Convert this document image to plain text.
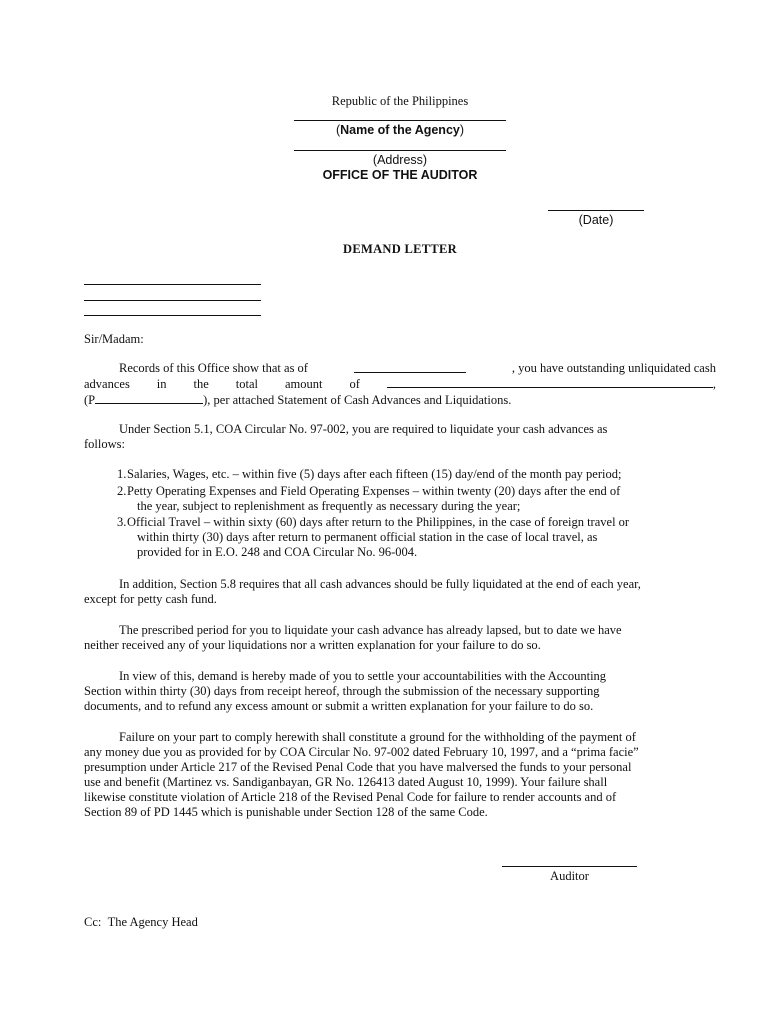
Republic of the Philippines
(Name of the Agency)
(Address)
OFFICE OF THE AUDITOR
(Date)
DEMAND LETTER
Sir/Madam:
Records of this Office show that as of	, you have outstanding unliquidated cash
advances in the total amount of	,
(P	), per attached Statement of Cash Advances and Liquidations.
Under Section 5.1, COA Circular No. 97-002, you are required to liquidate your cash advances as
follows:
1. Salaries, Wages, etc. – within five (5) days after each fifteen (15) day/end of the month pay period;
2. Petty Operating Expenses and Field Operating Expenses – within twenty (20) days after the end of
the year, subject to replenishment as frequently as necessary during the year;
3. Official Travel – within sixty (60) days after return to the Philippines, in the case of foreign travel or
within thirty (30) days after return to permanent official station in the case of local travel, as
provided for in E.O. 248 and COA Circular No. 96-004.
In addition, Section 5.8 requires that all cash advances should be fully liquidated at the end of each year,
except for petty cash fund.
The prescribed period for you to liquidate your cash advance has already lapsed, but to date we have
neither received any of your liquidations nor a written explanation for your failure to do so.
In view of this, demand is hereby made of you to settle your accountabilities with the Accounting
Section within thirty (30) days from receipt hereof, through the submission of the necessary supporting
documents, and to refund any excess amount or submit a written explanation for your failure to do so.
Failure on your part to comply herewith shall constitute a ground for the withholding of the payment of
any money due you as provided for by COA Circular No. 97-002 dated February 10, 1997, and a “prima facie”
presumption under Article 217 of the Revised Penal Code that you have malversed the funds to your personal
use and benefit (Martinez vs. Sandiganbayan, GR No. 126413 dated August 10, 1999). Your failure shall
likewise constitute violation of Article 218 of the Revised Penal Code for failure to render accounts and of
Section 89 of PD 1445 which is punishable under Section 128 of the same Code.
Auditor
Cc: The Agency Head
